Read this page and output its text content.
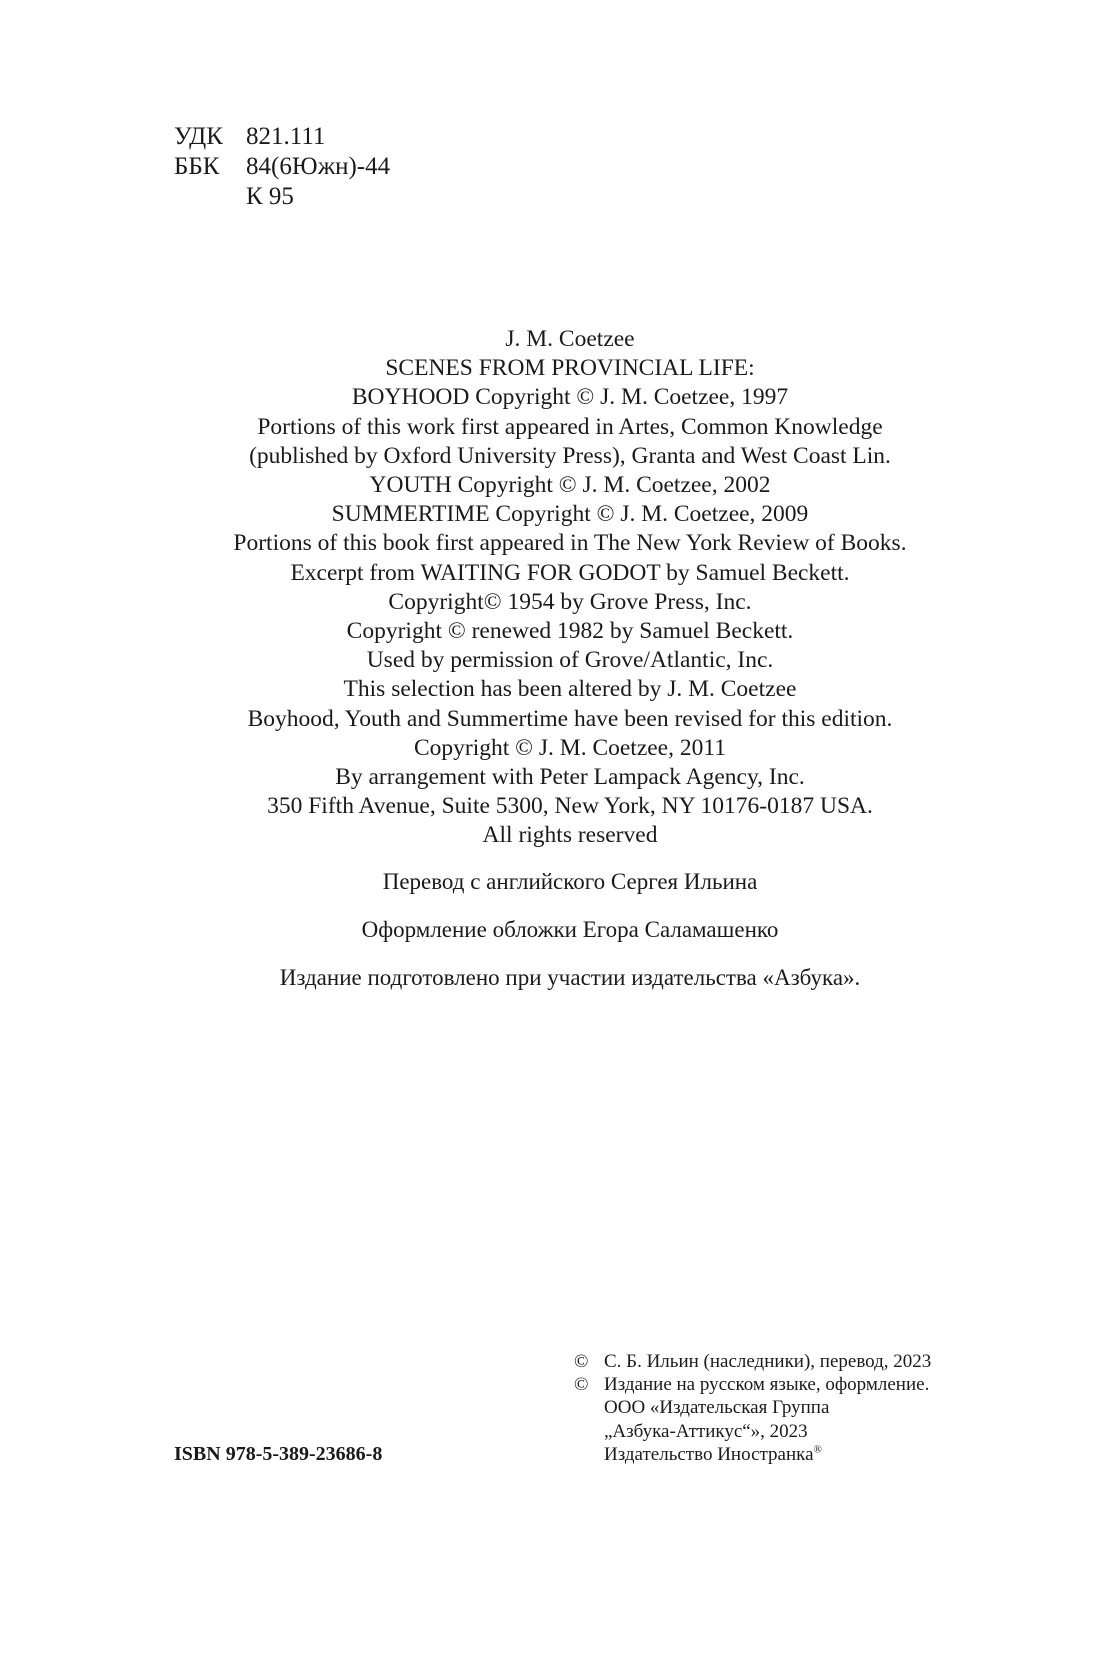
УДК 821.111
ББК	84(6Южн)-44
К 95
J. M. Coetzee
SCENES FROM PROVINCIAL LIFE:
BOYHOOD Copyright © J. M. Coetzee, 1997
Portions of this work first appeared in Artes, Common Knowledge
(published by Oxford University Press), Granta and West Coast Lin.
YOUTH Copyright © J. M. Coetzee, 2002
SUMMERTIME Copyright © J. M. Coetzee, 2009
Portions of this book first appeared in The New York Review of Books.
Excerpt from WAITING FOR GODOT by Samuel Beckett.
Copyright© 1954 by Grove Press, Inc.
Copyright © renewed 1982 by Samuel Beckett.
Used by permission of Grove/Atlantic, Inc.
This selection has been altered by J. M. Coetzee
Boyhood, Youth and Summertime have been revised for this edition.
Copyright © J. M. Coetzee, 2011
By arrangement with Peter Lampack Agency, Inc.
350 Fifth Avenue, Suite 5300, New York, NY 10176-0187 USA.
All rights reserved
Перевод с английского Сергея Ильина
Оформление обложки Егора Саламашенко
Издание подготовлено при участии издательства «Азбука».
ISBN 978-5-389-23686-8
© С. Б. Ильин (наследники), перевод, 2023
© Издание на русском языке, оформление.
ООО «Издательская Группа
„Азбука-Аттикус“», 2023
Издательство Иностранка®
